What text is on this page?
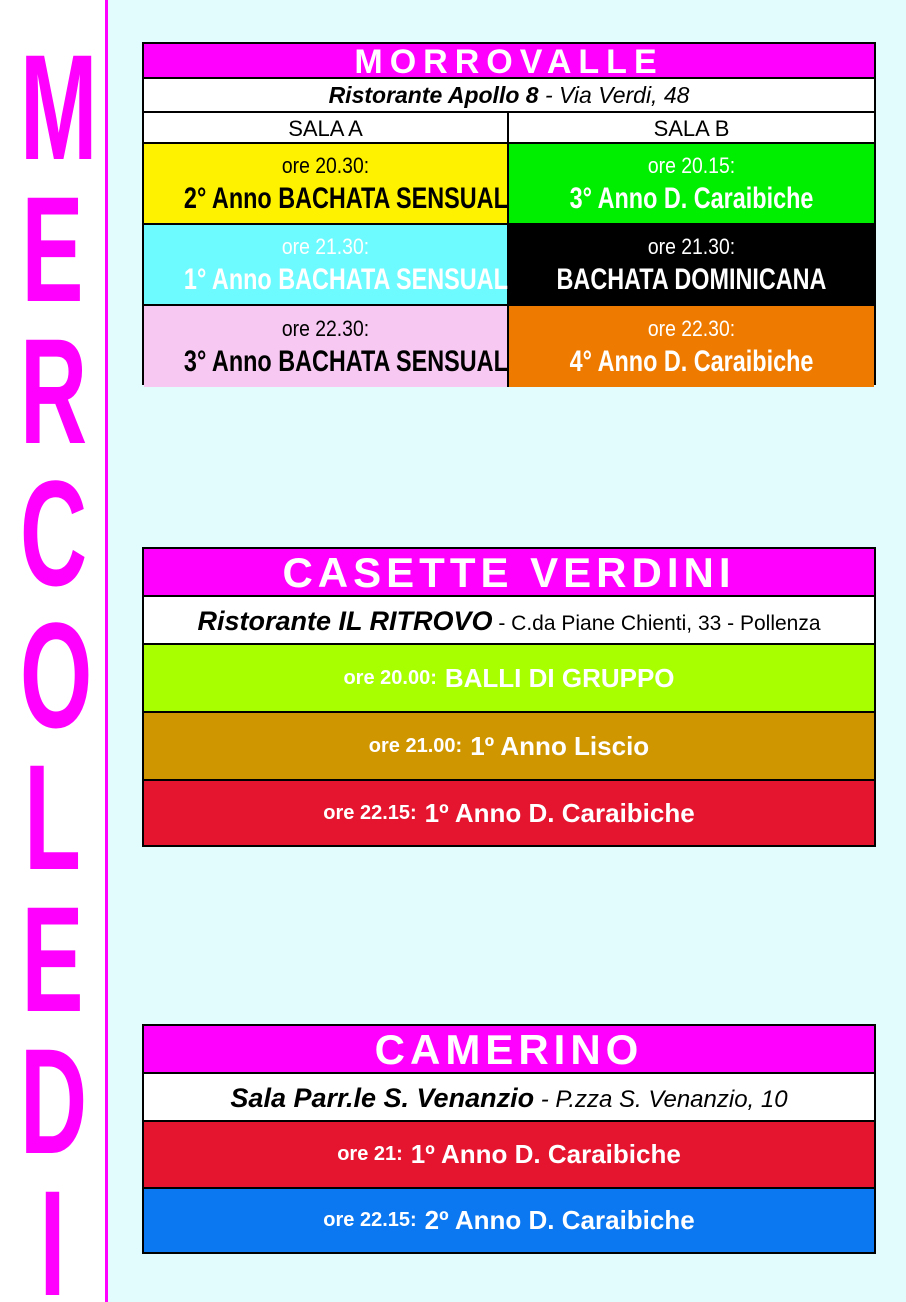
M
E
R
C
O
L
E
D
I
MORROVALLE
Ristorante Apollo 8 - Via Verdi, 48
SALA A	SALA B
ore 20.30:
2° Anno BACHATA SENSUAL
ore 20.15:
3° Anno D. Caraibiche
ore 21.30:
1° Anno BACHATA SENSUAL
ore 21.30:
BACHATA DOMINICANA
ore 22.30:
3° Anno BACHATA SENSUAL
ore 22.30:
4° Anno D. Caraibiche
CASETTE VERDINI
Ristorante IL RITROVO - C.da Piane Chienti, 33 - Pollenza
ore 20.00: BALLI DI GRUPPO
ore 21.00: 1º Anno Liscio
ore 22.15: 1º Anno D. Caraibiche
CAMERINO
Sala Parr.le S. Venanzio - P.zza S. Venanzio, 10
ore 21: 1º Anno D. Caraibiche
ore 22.15: 2º Anno D. Caraibiche
